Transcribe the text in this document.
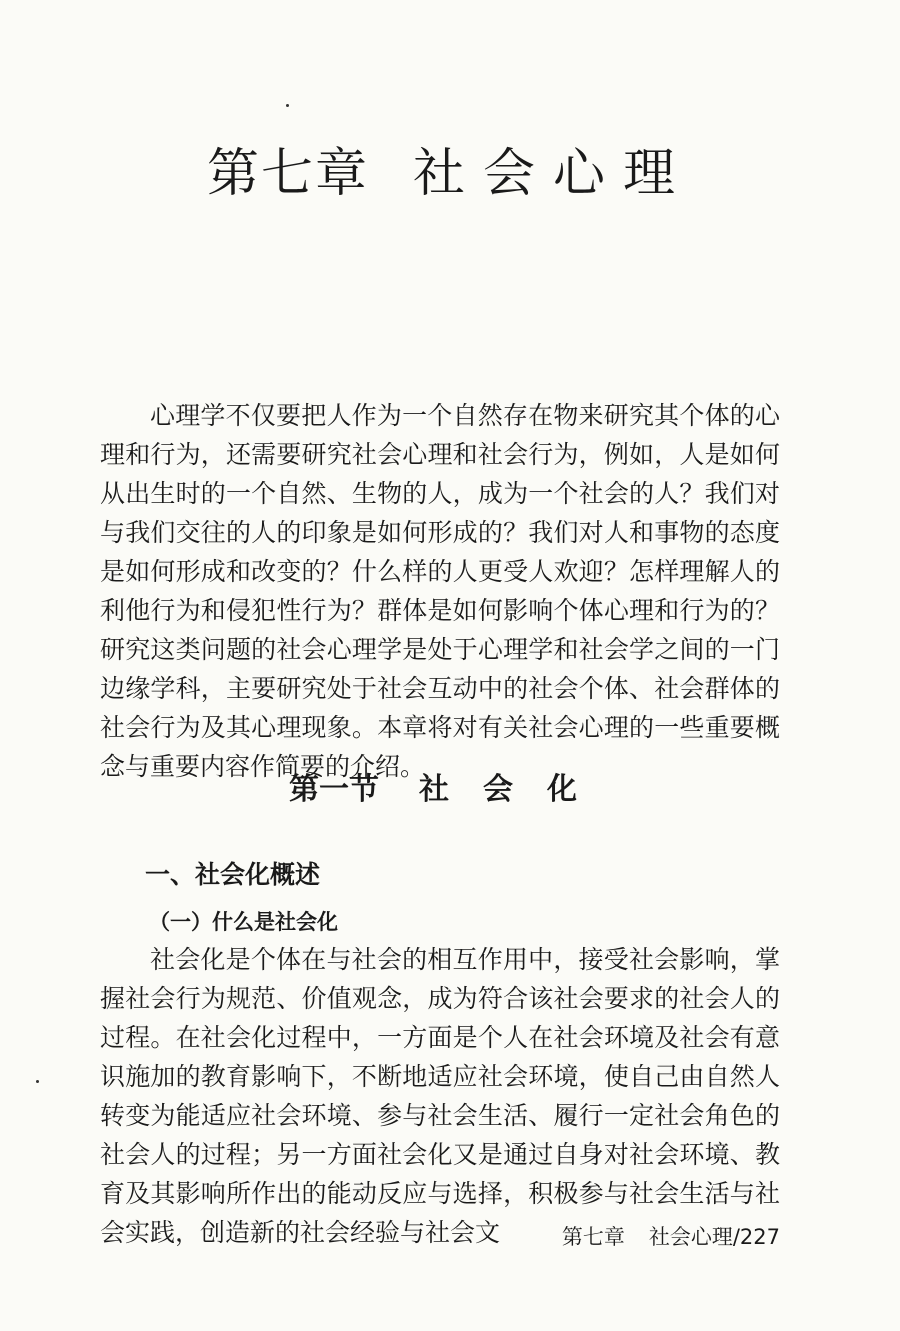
第七章 社会心理

心理学不仅要把人作为一个自然存在物来研究其个体的心理和行为，还需要研究社会心理和社会行为，例如，人是如何从出生时的一个自然、生物的人，成为一个社会的人？我们对与我们交往的人的印象是如何形成的？我们对人和事物的态度是如何形成和改变的？什么样的人更受人欢迎？怎样理解人的利他行为和侵犯性行为？群体是如何影响个体心理和行为的？研究这类问题的社会心理学是处于心理学和社会学之间的一门边缘学科，主要研究处于社会互动中的社会个体、社会群体的社会行为及其心理现象。本章将对有关社会心理的一些重要概念与重要内容作简要的介绍。

第一节 社会化
一、社会化概述
（一）什么是社会化

社会化是个体在与社会的相互作用中，接受社会影响，掌握社会行为规范、价值观念，成为符合该社会要求的社会人的过程。在社会化过程中，一方面是个人在社会环境及社会有意识施加的教育影响下，不断地适应社会环境，使自己由自然人转变为能适应社会环境、参与社会生活、履行一定社会角色的社会人的过程；另一方面社会化又是通过自身对社会环境、教育及其影响所作出的能动反应与选择，积极参与社会生活与社会实践，创造新的社会经验与社会文	第七章 社会心理/227
